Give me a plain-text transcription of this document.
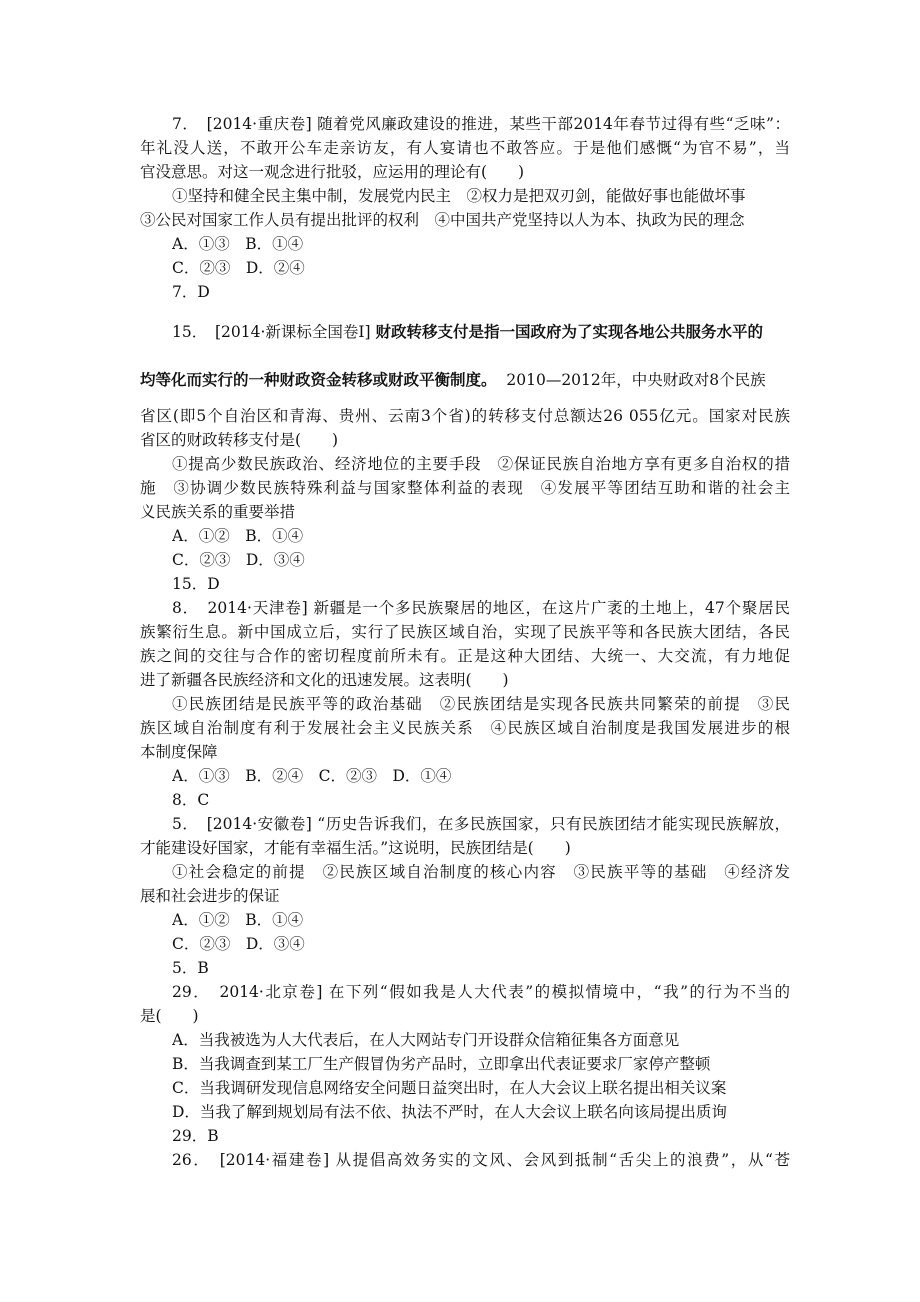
7．　[2014·重庆卷] 随着党风廉政建设的推进，某些干部2014年春节过得有些“乏味”：
年礼没人送，不敢开公车走亲访友，有人宴请也不敢答应。于是他们感慨“为官不易”，当
官没意思。对这一观念进行批驳，应运用的理论有(　　)
①坚持和健全民主集中制，发展党内民主　②权力是把双刃剑，能做好事也能做坏事
③公民对国家工作人员有提出批评的权利　④中国共产党坚持以人为本、执政为民的理念
A．①③　B．①④
C．②③　D．②④
7．D
15．　[2014·新课标全国卷Ⅰ] 财政转移支付是指一国政府为了实现各地公共服务水平的
均等化而实行的一种财政资金转移或财政平衡制度。 2010—2012年，中央财政对8个民族
省区(即5个自治区和青海、贵州、云南3个省)的转移支付总额达26 055亿元。国家对民族
省区的财政转移支付是(　　)
①提高少数民族政治、经济地位的主要手段　②保证民族自治地方享有更多自治权的措
施　③协调少数民族特殊利益与国家整体利益的表现　④发展平等团结互助和谐的社会主
义民族关系的重要举措
A．①②　B．①④
C．②③　D．③④
15．D
8．　2014·天津卷] 新疆是一个多民族聚居的地区，在这片广袤的土地上，47个聚居民
族繁衍生息。新中国成立后，实行了民族区域自治，实现了民族平等和各民族大团结，各民
族之间的交往与合作的密切程度前所未有。正是这种大团结、大统一、大交流，有力地促
进了新疆各民族经济和文化的迅速发展。这表明(　　)
①民族团结是民族平等的政治基础　②民族团结是实现各民族共同繁荣的前提　③民
族区域自治制度有利于发展社会主义民族关系　④民族区域自治制度是我国发展进步的根
本制度保障
A．①③　B．②④　C．②③　D．①④
8．C
5．　[2014·安徽卷] “历史告诉我们，在多民族国家，只有民族团结才能实现民族解放，
才能建设好国家，才能有幸福生活。”这说明，民族团结是(　　)
①社会稳定的前提　②民族区域自治制度的核心内容　③民族平等的基础　④经济发
展和社会进步的保证
A．①②　B．①④
C．②③　D．③④
5．B
29．　2014·北京卷] 在下列“假如我是人大代表”的模拟情境中，“我”的行为不当的
是(　　)
A．当我被选为人大代表后，在人大网站专门开设群众信箱征集各方面意见
B．当我调查到某工厂生产假冒伪劣产品时，立即拿出代表证要求厂家停产整顿
C．当我调研发现信息网络安全问题日益突出时，在人大会议上联名提出相关议案
D．当我了解到规划局有法不依、执法不严时，在人大会议上联名向该局提出质询
29．B
26．　[2014·福建卷] 从提倡高效务实的文风、会风到抵制“舌尖上的浪费”，从“苍
